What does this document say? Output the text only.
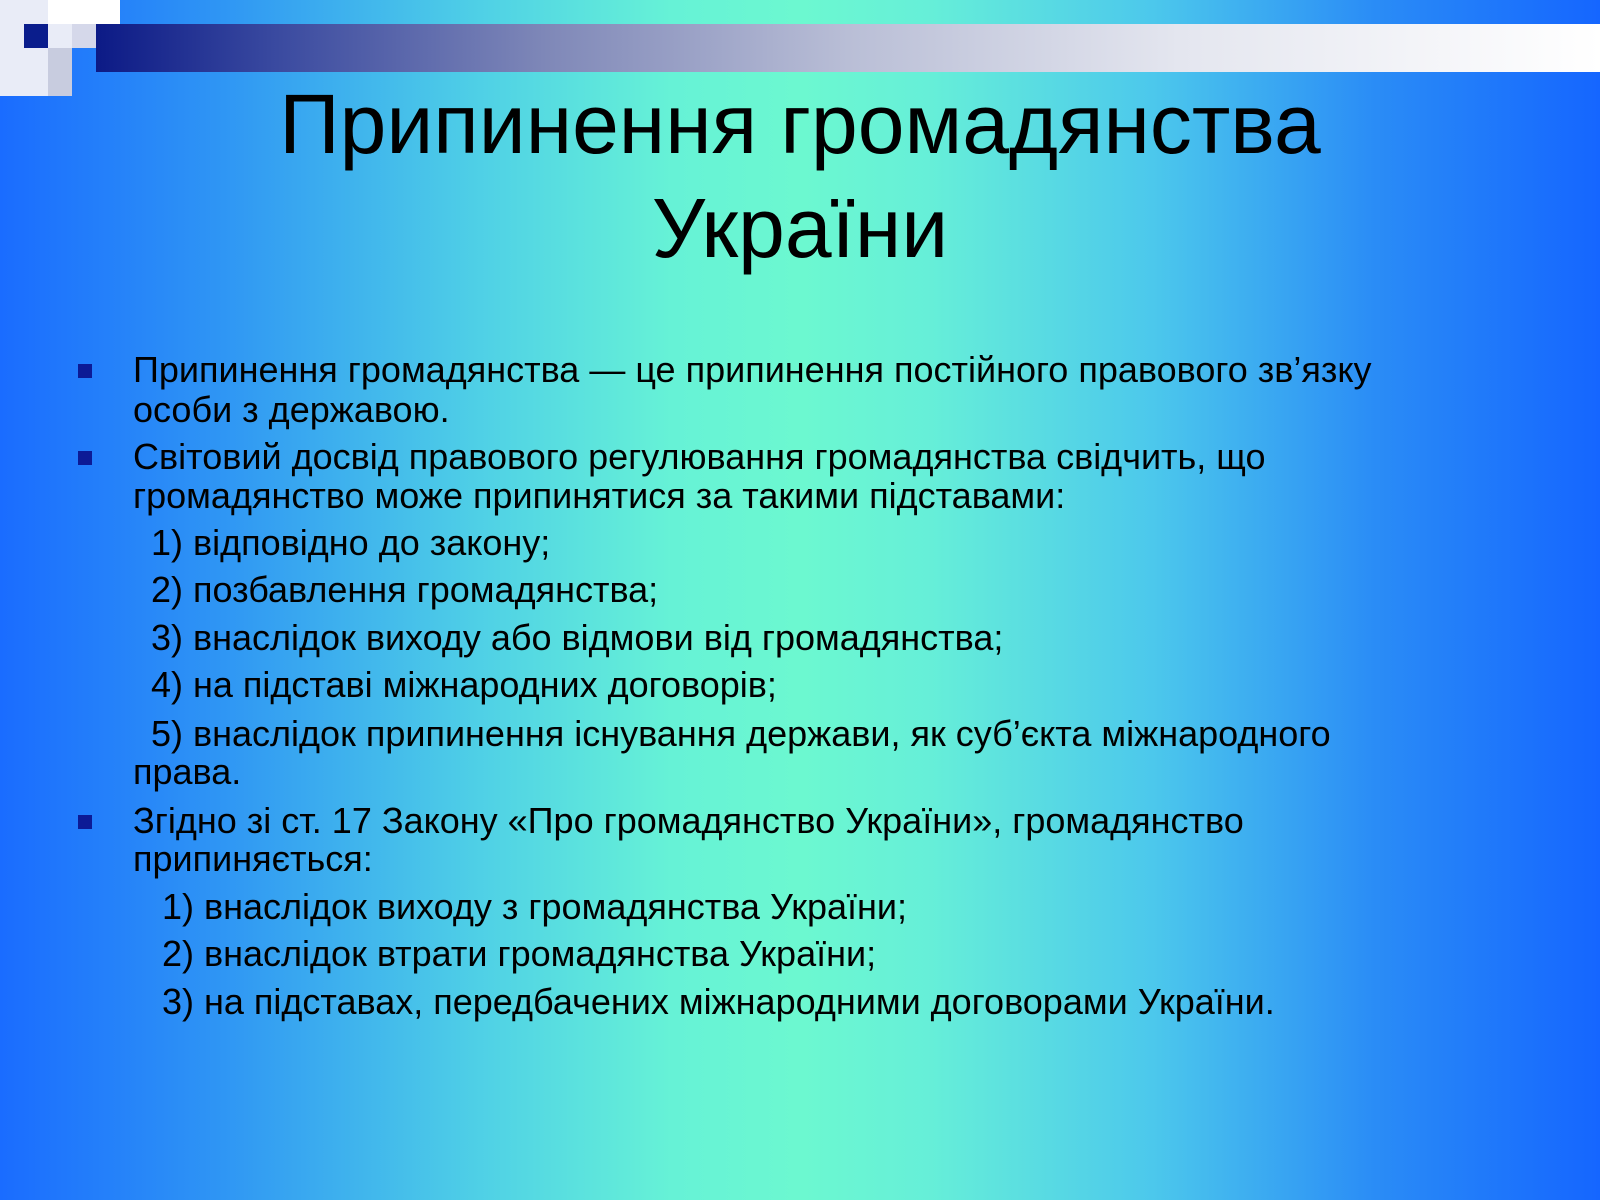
Припинення громадянства
України

Припинення громадянства — це припинення постійного правового зв’язку

особи з державою.

Світовий досвід правового регулювання громадянства свідчить, що

громадянство може припинятися за такими підставами:

1) відповідно до закону;

2) позбавлення громадянства;

3) внаслідок виходу або відмови від громадянства;

4) на підставі міжнародних договорів;

5) внаслідок припинення існування держави, як суб’єкта міжнародного

права.

Згідно зі ст. 17 Закону «Про громадянство України», громадянство

припиняється:

1) внаслідок виходу з громадянства України;

2) внаслідок втрати громадянства України;

3) на підставах, передбачених міжнародними договорами України.
